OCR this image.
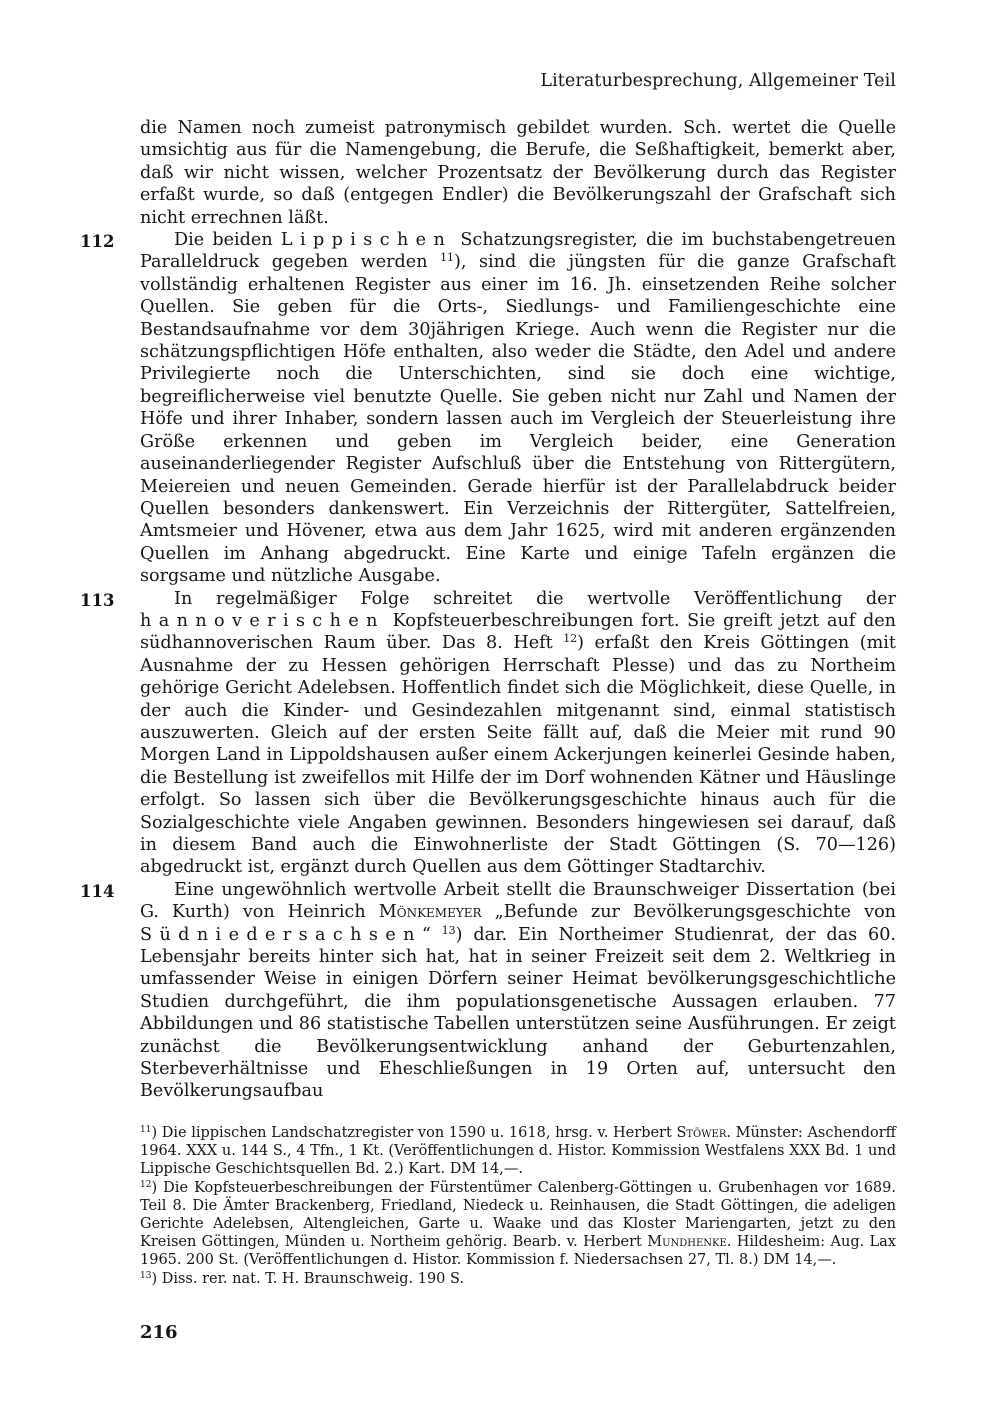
Literaturbesprechung, Allgemeiner Teil

die Namen noch zumeist patronymisch gebildet wurden. Sch. wertet die Quelle umsichtig aus für die Namengebung, die Berufe, die Seßhaftigkeit, bemerkt aber, daß wir nicht wissen, welcher Prozentsatz der Bevölkerung durch das Register erfaßt wurde, so daß (entgegen Endler) die Bevölkerungszahl der Grafschaft sich nicht errechnen läßt.

112	Die beiden Lippischen Schatzungsregister, die im buchstabengetreuen Paralleldruck gegeben werden $^{11}$), sind die jüngsten für die ganze Grafschaft vollständig erhaltenen Register aus einer im 16. Jh. einsetzenden Reihe solcher Quellen. Sie geben für die Orts-, Siedlungs- und Familiengeschichte eine Bestandsaufnahme vor dem 30jährigen Kriege. Auch wenn die Register nur die schätzungspflichtigen Höfe enthalten, also weder die Städte, den Adel und andere Privilegierte noch die Unterschichten, sind sie doch eine wichtige, begreiflicherweise viel benutzte Quelle. Sie geben nicht nur Zahl und Namen der Höfe und ihrer Inhaber, sondern lassen auch im Vergleich der Steuerleistung ihre Größe erkennen und geben im Vergleich beider, eine Generation auseinanderliegender Register Aufschluß über die Entstehung von Rittergütern, Meiereien und neuen Gemeinden. Gerade hierfür ist der Parallelabdruck beider Quellen besonders dankenswert. Ein Verzeichnis der Rittergüter, Sattelfreien, Amtsmeier und Hövener, etwa aus dem Jahr 1625, wird mit anderen ergänzenden Quellen im Anhang abgedruckt. Eine Karte und einige Tafeln ergänzen die sorgsame und nützliche Ausgabe.

113	In regelmäßiger Folge schreitet die wertvolle Veröffentlichung der hannoverischen Kopfsteuerbeschreibungen fort. Sie greift jetzt auf den südhannoverischen Raum über. Das 8. Heft $^{12}$) erfaßt den Kreis Göttingen (mit Ausnahme der zu Hessen gehörigen Herrschaft Plesse) und das zu Northeim gehörige Gericht Adelebsen. Hoffentlich findet sich die Möglichkeit, diese Quelle, in der auch die Kinder- und Gesindezahlen mitgenannt sind, einmal statistisch auszuwerten. Gleich auf der ersten Seite fällt auf, daß die Meier mit rund 90 Morgen Land in Lippoldshausen außer einem Ackerjungen keinerlei Gesinde haben, die Bestellung ist zweifellos mit Hilfe der im Dorf wohnenden Kätner und Häuslinge erfolgt. So lassen sich über die Bevölkerungsgeschichte hinaus auch für die Sozialgeschichte viele Angaben gewinnen. Besonders hingewiesen sei darauf, daß in diesem Band auch die Einwohnerliste der Stadt Göttingen (S. 70—126) abgedruckt ist, ergänzt durch Quellen aus dem Göttinger Stadtarchiv.

114	Eine ungewöhnlich wertvolle Arbeit stellt die Braunschweiger Dissertation (bei G. Kurth) von Heinrich Mönkemeyer „Befunde zur Bevölkerungsgeschichte von Südniedersachsen“ $^{13}$) dar. Ein Northeimer Studienrat, der das 60. Lebensjahr bereits hinter sich hat, hat in seiner Freizeit seit dem 2. Weltkrieg in umfassender Weise in einigen Dörfern seiner Heimat bevölkerungsgeschichtliche Studien durchgeführt, die ihm populationsgenetische Aussagen erlauben. 77 Abbildungen und 86 statistische Tabellen unterstützen seine Ausführungen. Er zeigt zunächst die Bevölkerungsentwicklung anhand der Geburtenzahlen, Sterbeverhältnisse und Eheschließungen in 19 Orten auf, untersucht den Bevölkerungsaufbau

$^{11}$) Die lippischen Landschatzregister von 1590 u. 1618, hrsg. v. Herbert Stöwer. Münster: Aschendorff 1964. XXX u. 144 S., 4 Tfn., 1 Kt. (Veröffentlichungen d. Histor. Kommission Westfalens XXX Bd. 1 und Lippische Geschichtsquellen Bd. 2.) Kart. DM 14,—.

$^{12}$) Die Kopfsteuerbeschreibungen der Fürstentümer Calenberg-Göttingen u. Grubenhagen vor 1689. Teil 8. Die Ämter Brackenberg, Friedland, Niedeck u. Reinhausen, die Stadt Göttingen, die adeligen Gerichte Adelebsen, Altengleichen, Garte u. Waake und das Kloster Mariengarten, jetzt zu den Kreisen Göttingen, Münden u. Northeim gehörig. Bearb. v. Herbert Mundhenke. Hildesheim: Aug. Lax 1965. 200 St. (Veröffentlichungen d. Histor. Kommission f. Niedersachsen 27, Tl. 8.) DM 14,—.

$^{13}$) Diss. rer. nat. T. H. Braunschweig. 190 S.

216
